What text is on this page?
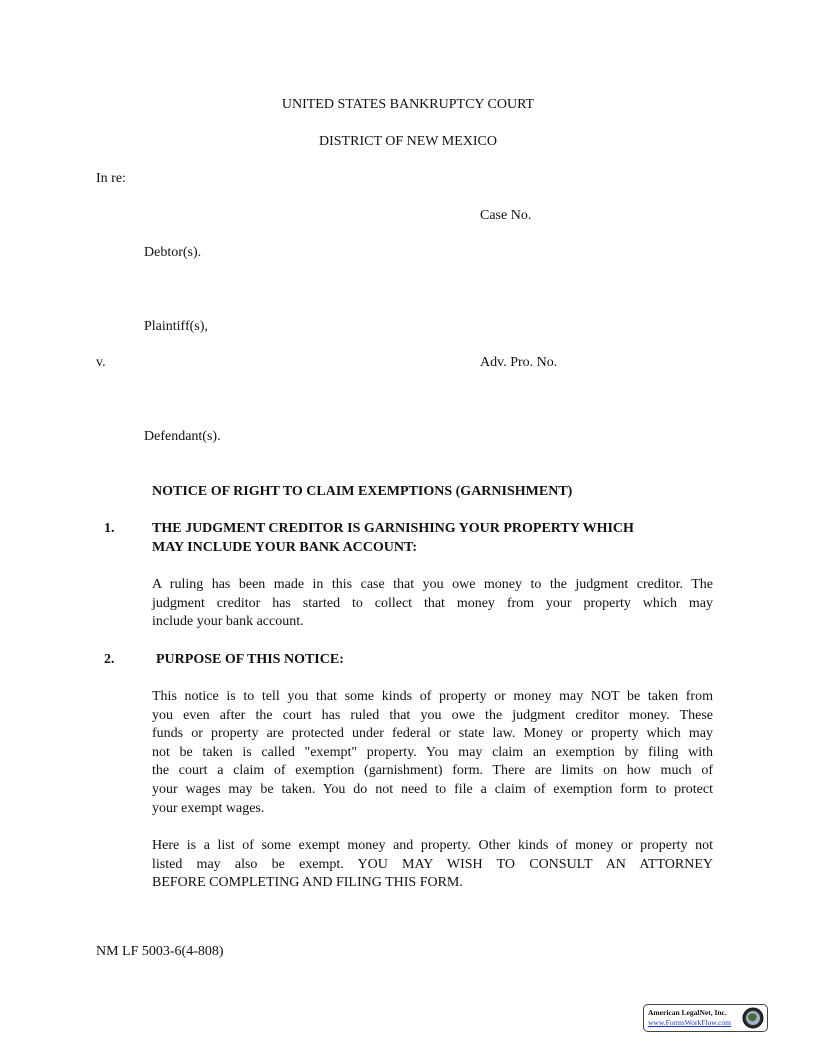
UNITED STATES BANKRUPTCY COURT
DISTRICT OF NEW MEXICO
In re:
Case No.
Debtor(s).
Plaintiff(s),
v.	Adv. Pro. No.
Defendant(s).
NOTICE OF RIGHT TO CLAIM EXEMPTIONS (GARNISHMENT)
1.	THE JUDGMENT CREDITOR IS GARNISHING YOUR PROPERTY WHICH
MAY INCLUDE YOUR BANK ACCOUNT:
A ruling has been made in this case that you owe money to the judgment creditor. The
judgment creditor has started to collect that money from your property which may
include your bank account.
2.	PURPOSE OF THIS NOTICE:
This notice is to tell you that some kinds of property or money may NOT be taken from
you even after the court has ruled that you owe the judgment creditor money. These
funds or property are protected under federal or state law. Money or property which may
not be taken is called "exempt" property. You may claim an exemption by filing with
the court a claim of exemption (garnishment) form. There are limits on how much of
your wages may be taken. You do not need to file a claim of exemption form to protect
your exempt wages.
Here is a list of some exempt money and property. Other kinds of money or property not
listed may also be exempt. YOU MAY WISH TO CONSULT AN ATTORNEY
BEFORE COMPLETING AND FILING THIS FORM.
NM LF 5003-6(4-808)
American LegalNet, Inc.
www.FormsWorkFlow.com
